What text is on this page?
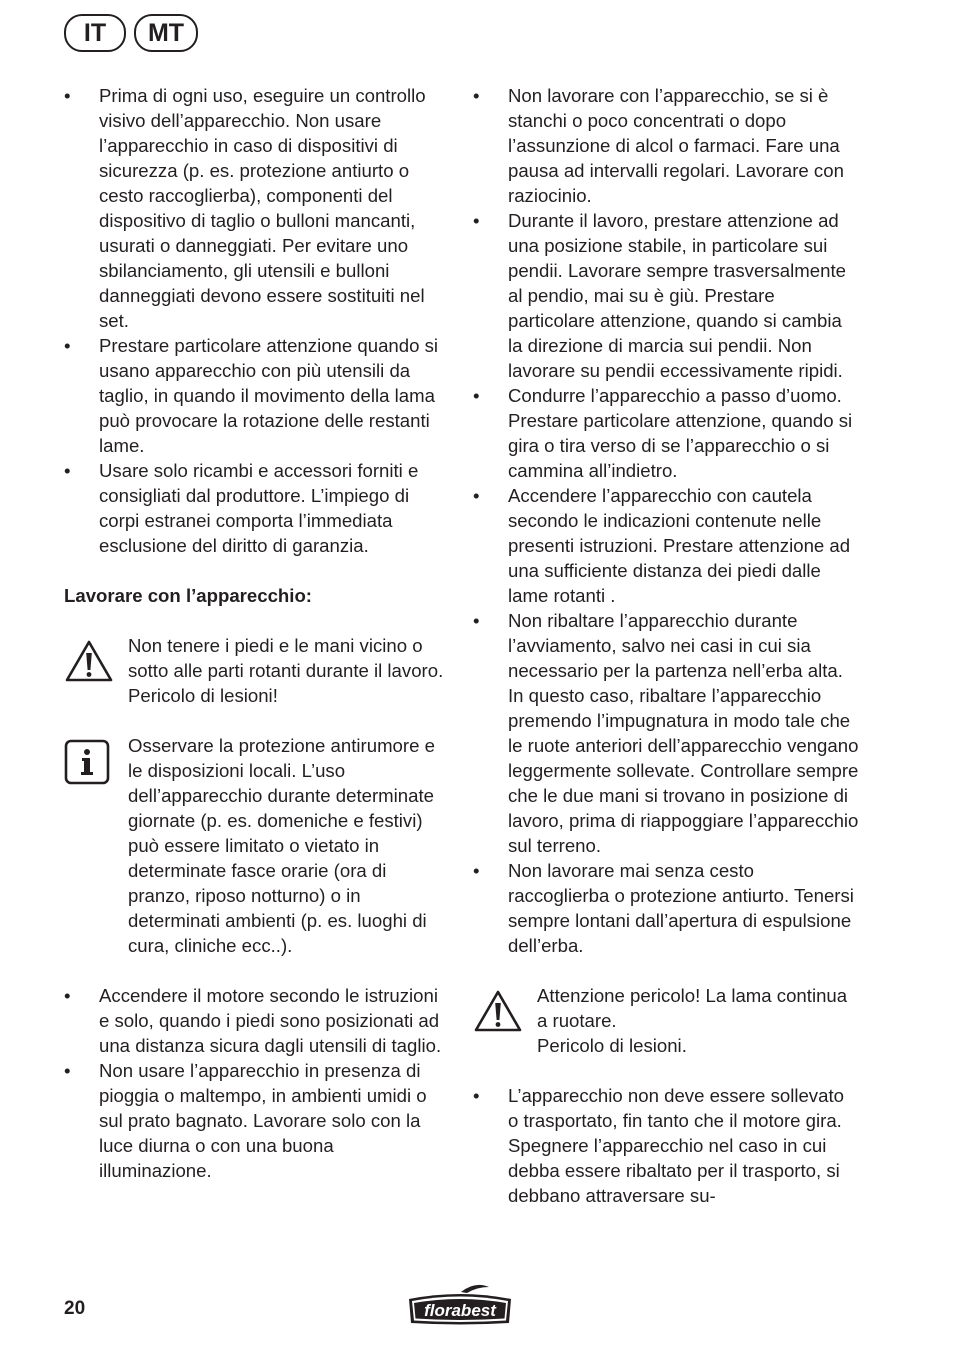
IT	MT
• Prima di ogni uso, eseguire un controllo visivo dell’apparecchio. Non usare l’apparecchio in caso di dispositivi di sicurezza (p. es. protezione antiurto o cesto raccoglierba), componenti del dispositivo di taglio o bulloni mancanti, usurati o danneggiati. Per evitare uno sbilanciamento, gli utensili e bulloni danneggiati devono essere sostituiti nel set.
• Prestare particolare attenzione quando si usano apparecchio con più utensili da taglio, in quando il movimento della lama può provocare la rotazione delle restanti lame.
• Usare solo ricambi e accessori forniti e consigliati dal produttore. L’impiego di corpi estranei comporta l’immediata esclusione del diritto di garanzia.

Lavorare con l’apparecchio:

Non tenere i piedi e le mani vicino o sotto alle parti rotanti durante il lavoro. Pericolo di lesioni!
Osservare la protezione antirumore e le disposizioni locali. L’uso dell’apparecchio durante determinate giornate (p. es. domeniche e festivi) può essere limitato o vietato in determinate fasce orarie (ora di pranzo, riposo notturno) o in determinati ambienti (p. es. luoghi di cura, cliniche ecc..).
• Accendere il motore secondo le istruzioni e solo, quando i piedi sono posizionati ad una distanza sicura dagli utensili di taglio.
• Non usare l’apparecchio in presenza di pioggia o maltempo, in ambienti umidi o sul prato bagnato. Lavorare solo con la luce diurna o con una buona illuminazione.
• Non lavorare con l’apparecchio, se si è stanchi o poco concentrati o dopo l’assunzione di alcol o farmaci. Fare una pausa ad intervalli regolari. Lavorare con raziocinio.
• Durante il lavoro, prestare attenzione ad una posizione stabile, in particolare sui pendii. Lavorare sempre trasversalmente al pendio, mai su è giù. Prestare particolare attenzione, quando si cambia la direzione di marcia sui pendii. Non lavorare su pendii eccessivamente ripidi.
• Condurre l’apparecchio a passo d’uomo. Prestare particolare attenzione, quando si gira o tira verso di se l’apparecchio o si cammina all’indietro.
• Accendere l’apparecchio con cautela secondo le indicazioni contenute nelle presenti istruzioni. Prestare attenzione ad una sufficiente distanza dei piedi dalle lame rotanti .
• Non ribaltare l’apparecchio durante l’avviamento, salvo nei casi in cui sia necessario per la partenza nell’erba alta. In questo caso, ribaltare l’apparecchio premendo l’impugnatura in modo tale che le ruote anteriori dell’apparecchio vengano leggermente sollevate. Controllare sempre che le due mani si trovano in posizione di lavoro, prima di riappoggiare l’apparecchio sul terreno.
• Non lavorare mai senza cesto raccoglierba o protezione antiurto. Tenersi sempre lontani dall’apertura di espulsione dell’erba.
Attenzione pericolo! La lama continua a ruotare.
Pericolo di lesioni.
• L’apparecchio non deve essere sollevato o trasportato, fin tanto che il motore gira. Spegnere l’apparecchio nel caso in cui debba essere ribaltato per il trasporto, si debbano attraversare su-
20	florabest
